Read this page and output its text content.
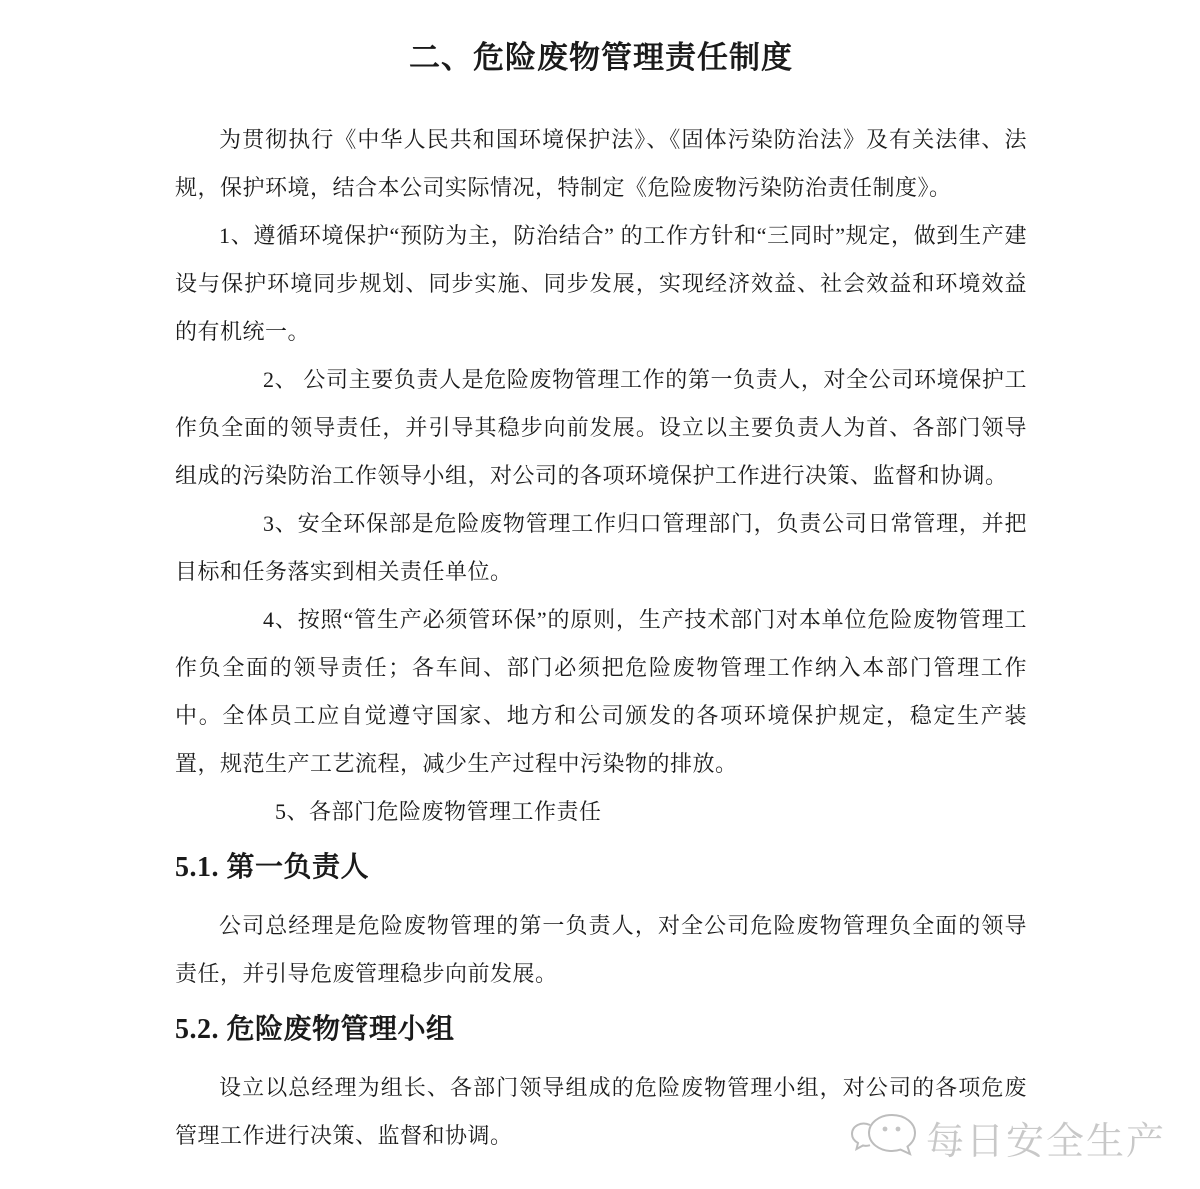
二、危险废物管理责任制度

为贯彻执行《中华人民共和国环境保护法》、《固体污染防治法》及有关法律、法规，保护环境，结合本公司实际情况，特制定《危险废物污染防治责任制度》。

1、遵循环境保护“预防为主，防治结合” 的工作方针和“三同时”规定，做到生产建设与保护环境同步规划、同步实施、同步发展，实现经济效益、社会效益和环境效益的有机统一。

2、 公司主要负责人是危险废物管理工作的第一负责人，对全公司环境保护工作负全面的领导责任，并引导其稳步向前发展。设立以主要负责人为首、各部门领导组成的污染防治工作领导小组，对公司的各项环境保护工作进行决策、监督和协调。

3、安全环保部是危险废物管理工作归口管理部门，负责公司日常管理，并把目标和任务落实到相关责任单位。

4、按照“管生产必须管环保”的原则，生产技术部门对本单位危险废物管理工作负全面的领导责任；各车间、部门必须把危险废物管理工作纳入本部门管理工作中。全体员工应自觉遵守国家、地方和公司颁发的各项环境保护规定，稳定生产装置，规范生产工艺流程，减少生产过程中污染物的排放。

5、各部门危险废物管理工作责任

5.1. 第一负责人

公司总经理是危险废物管理的第一负责人，对全公司危险废物管理负全面的领导责任，并引导危废管理稳步向前发展。

5.2. 危险废物管理小组

设立以总经理为组长、各部门领导组成的危险废物管理小组，对公司的各项危废管理工作进行决策、监督和协调。	每日安全生产
